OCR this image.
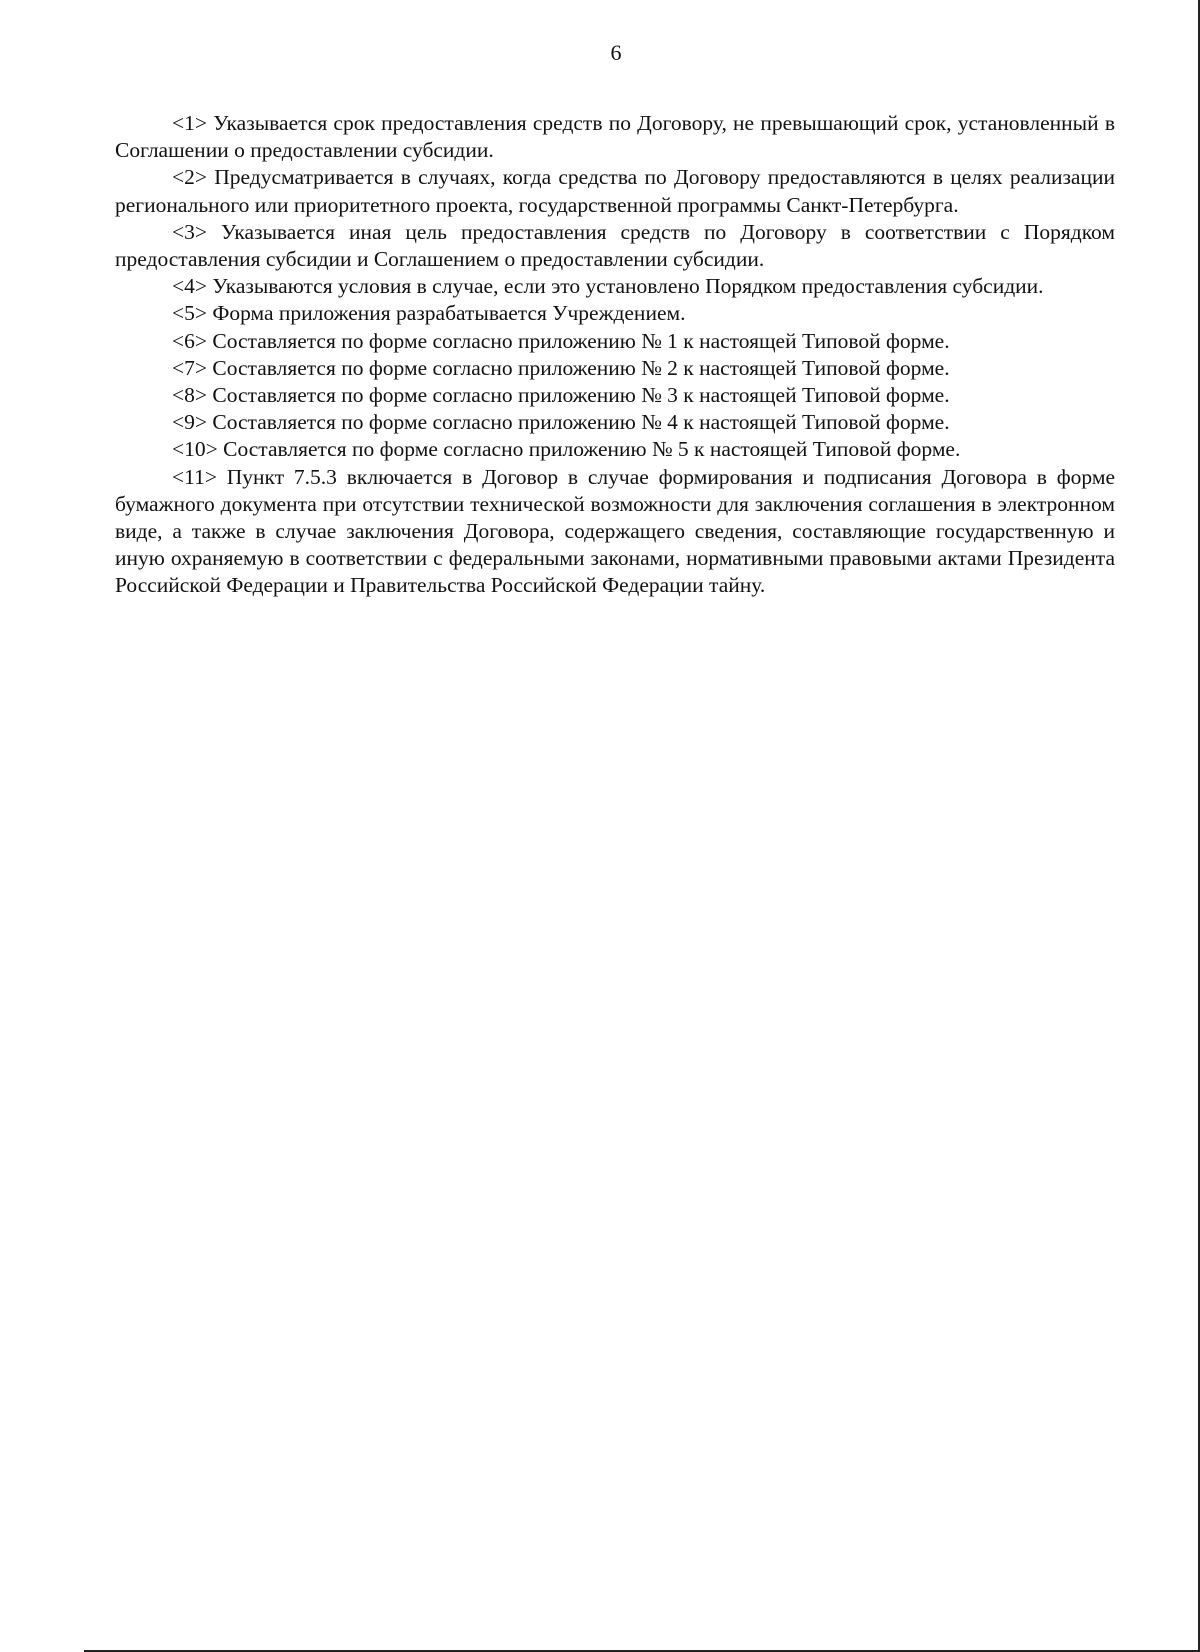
6

<1> Указывается срок предоставления средств по Договору, не превышающий срок, установленный в Соглашении о предоставлении субсидии.

<2> Предусматривается в случаях, когда средства по Договору предоставляются в целях реализации регионального или приоритетного проекта, государственной программы Санкт-Петербурга.

<3> Указывается иная цель предоставления средств по Договору в соответствии с Порядком предоставления субсидии и Соглашением о предоставлении субсидии.

<4> Указываются условия в случае, если это установлено Порядком предоставления субсидии.

<5> Форма приложения разрабатывается Учреждением.

<6> Составляется по форме согласно приложению № 1 к настоящей Типовой форме.

<7> Составляется по форме согласно приложению № 2 к настоящей Типовой форме.

<8> Составляется по форме согласно приложению № 3 к настоящей Типовой форме.

<9> Составляется по форме согласно приложению № 4 к настоящей Типовой форме.

<10> Составляется по форме согласно приложению № 5 к настоящей Типовой форме.

<11> Пункт 7.5.3 включается в Договор в случае формирования и подписания Договора в форме бумажного документа при отсутствии технической возможности для заключения соглашения в электронном виде, а также в случае заключения Договора, содержащего сведения, составляющие государственную и иную охраняемую в соответствии с федеральными законами, нормативными правовыми актами Президента Российской Федерации и Правительства Российской Федерации тайну.
